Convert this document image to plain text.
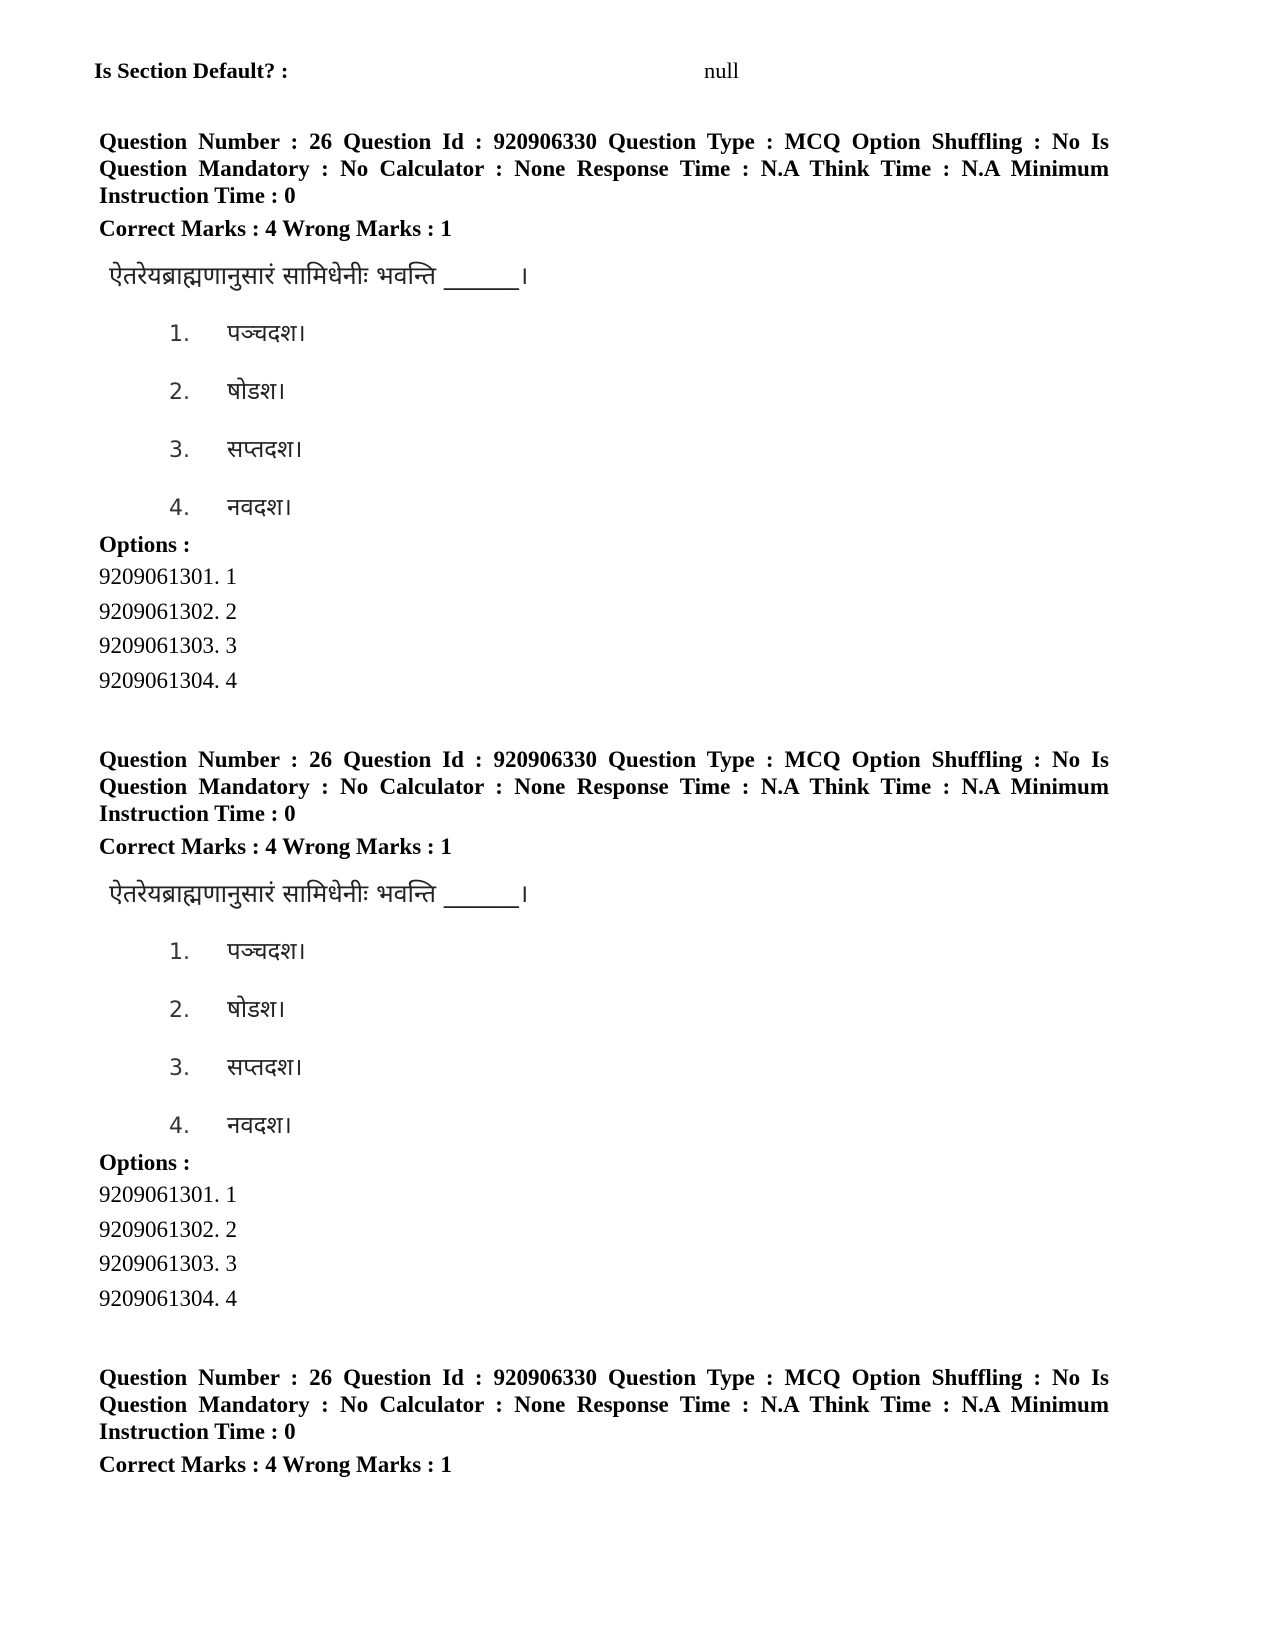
Is Section Default? :	null

Question Number : 26 Question Id : 920906330 Question Type : MCQ Option Shuffling : No Is Question Mandatory : No Calculator : None Response Time : N.A Think Time : N.A Minimum Instruction Time : 0

Correct Marks : 4 Wrong Marks : 1
ऐतरेयब्राह्मणानुसारं सामिधेनीः भवन्ति ______।
1. पञ्चदश।
2. षोडश।
3. सप्तदश।
4. नवदश।
Options :
9209061301. 1
9209061302. 2
9209061303. 3
9209061304. 4

Question Number : 26 Question Id : 920906330 Question Type : MCQ Option Shuffling : No Is Question Mandatory : No Calculator : None Response Time : N.A Think Time : N.A Minimum Instruction Time : 0

Correct Marks : 4 Wrong Marks : 1
ऐतरेयब्राह्मणानुसारं सामिधेनीः भवन्ति ______।
1. पञ्चदश।
2. षोडश।
3. सप्तदश।
4. नवदश।
Options :
9209061301. 1
9209061302. 2
9209061303. 3
9209061304. 4

Question Number : 26 Question Id : 920906330 Question Type : MCQ Option Shuffling : No Is Question Mandatory : No Calculator : None Response Time : N.A Think Time : N.A Minimum Instruction Time : 0

Correct Marks : 4 Wrong Marks : 1
